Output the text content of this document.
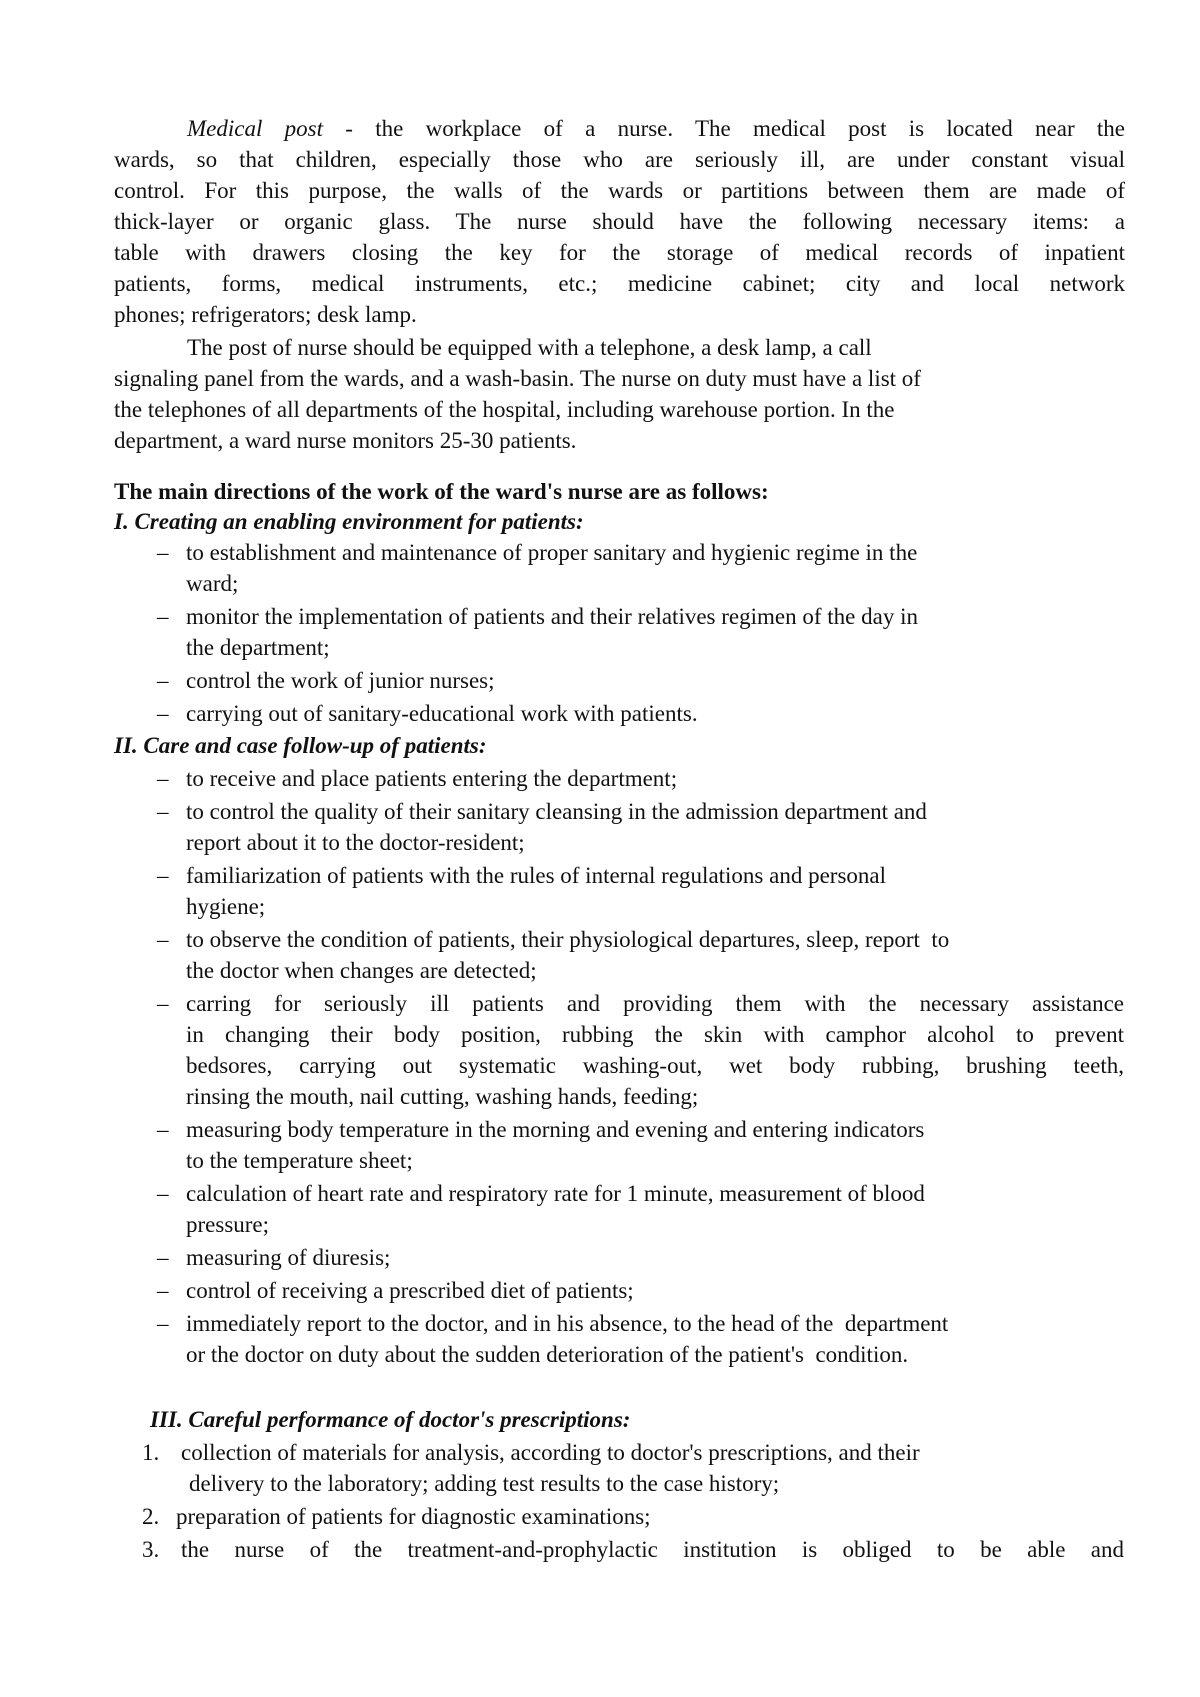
Medical post - the workplace of a nurse. The medical post is located near the
wards, so that children, especially those who are seriously ill, are under constant visual
control. For this purpose, the walls of the wards or partitions between them are made of
thick-layer or organic glass. The nurse should have the following necessary items: a
table with drawers closing the key for the storage of medical records of inpatient
patients, forms, medical instruments, etc.; medicine cabinet; city and local network
phones; refrigerators; desk lamp.
The post of nurse should be equipped with a telephone, a desk lamp, a call
signaling panel from the wards, and a wash-basin. The nurse on duty must have a list of
the telephones of all departments of the hospital, including warehouse portion. In the
department, a ward nurse monitors 25-30 patients.
The main directions of the work of the ward's nurse are as follows:
I. Creating an enabling environment for patients:
– to establishment and maintenance of proper sanitary and hygienic regime in the
ward;
– monitor the implementation of patients and their relatives regimen of the day in
the department;
– control the work of junior nurses;
– carrying out of sanitary-educational work with patients.
II. Care and case follow-up of patients:
– to receive and place patients entering the department;
– to control the quality of their sanitary cleansing in the admission department and
report about it to the doctor-resident;
– familiarization of patients with the rules of internal regulations and personal
hygiene;
– to observe the condition of patients, their physiological departures, sleep, report  to
the doctor when changes are detected;
– carring for seriously ill patients and providing them with the necessary assistance
in changing their body position, rubbing the skin with camphor alcohol to prevent
bedsores, carrying out systematic washing-out, wet body rubbing, brushing teeth,
rinsing the mouth, nail cutting, washing hands, feeding;
– measuring body temperature in the morning and evening and entering indicators
to the temperature sheet;
– calculation of heart rate and respiratory rate for 1 minute, measurement of blood
pressure;
– measuring of diuresis;
– control of receiving a prescribed diet of patients;
– immediately report to the doctor, and in his absence, to the head of the  department
or the doctor on duty about the sudden deterioration of the patient's  condition.
III. Careful performance of doctor's prescriptions:
1. collection of materials for analysis, according to doctor's prescriptions, and their
delivery to the laboratory; adding test results to the case history;
2. preparation of patients for diagnostic examinations;
3. the nurse of the treatment-and-prophylactic institution is obliged to be able and
